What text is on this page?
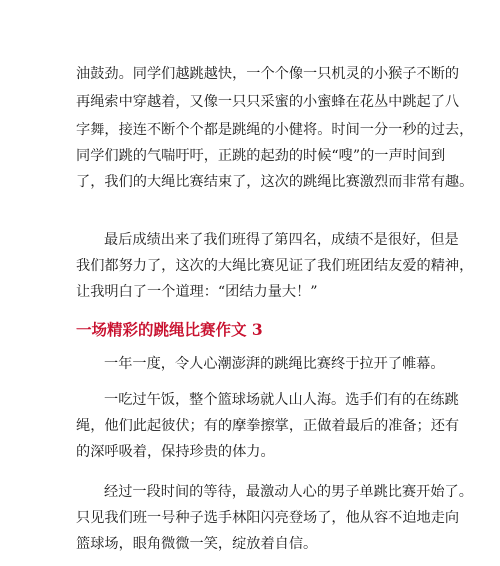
油鼓劲。同学们越跳越快，一个个像一只机灵的小猴子不断的
再绳索中穿越着，又像一只只采蜜的小蜜蜂在花丛中跳起了八
字舞，接连不断个个都是跳绳的小健将。时间一分一秒的过去，
同学们跳的气喘吁吁，正跳的起劲的时候“嗖”的一声时间到
了，我们的大绳比赛结束了，这次的跳绳比赛激烈而非常有趣。
最后成绩出来了我们班得了第四名，成绩不是很好，但是
我们都努力了，这次的大绳比赛见证了我们班团结友爱的精神，
让我明白了一个道理：“团结力量大！”
一场精彩的跳绳比赛作文 3
一年一度，令人心潮澎湃的跳绳比赛终于拉开了帷幕。
一吃过午饭，整个篮球场就人山人海。选手们有的在练跳
绳，他们此起彼伏；有的摩拳擦掌，正做着最后的准备；还有
的深呼吸着，保持珍贵的体力。
经过一段时间的等待，最激动人心的男子单跳比赛开始了。
只见我们班一号种子选手林阳闪亮登场了，他从容不迫地走向
篮球场，眼角微微一笑，绽放着自信。
